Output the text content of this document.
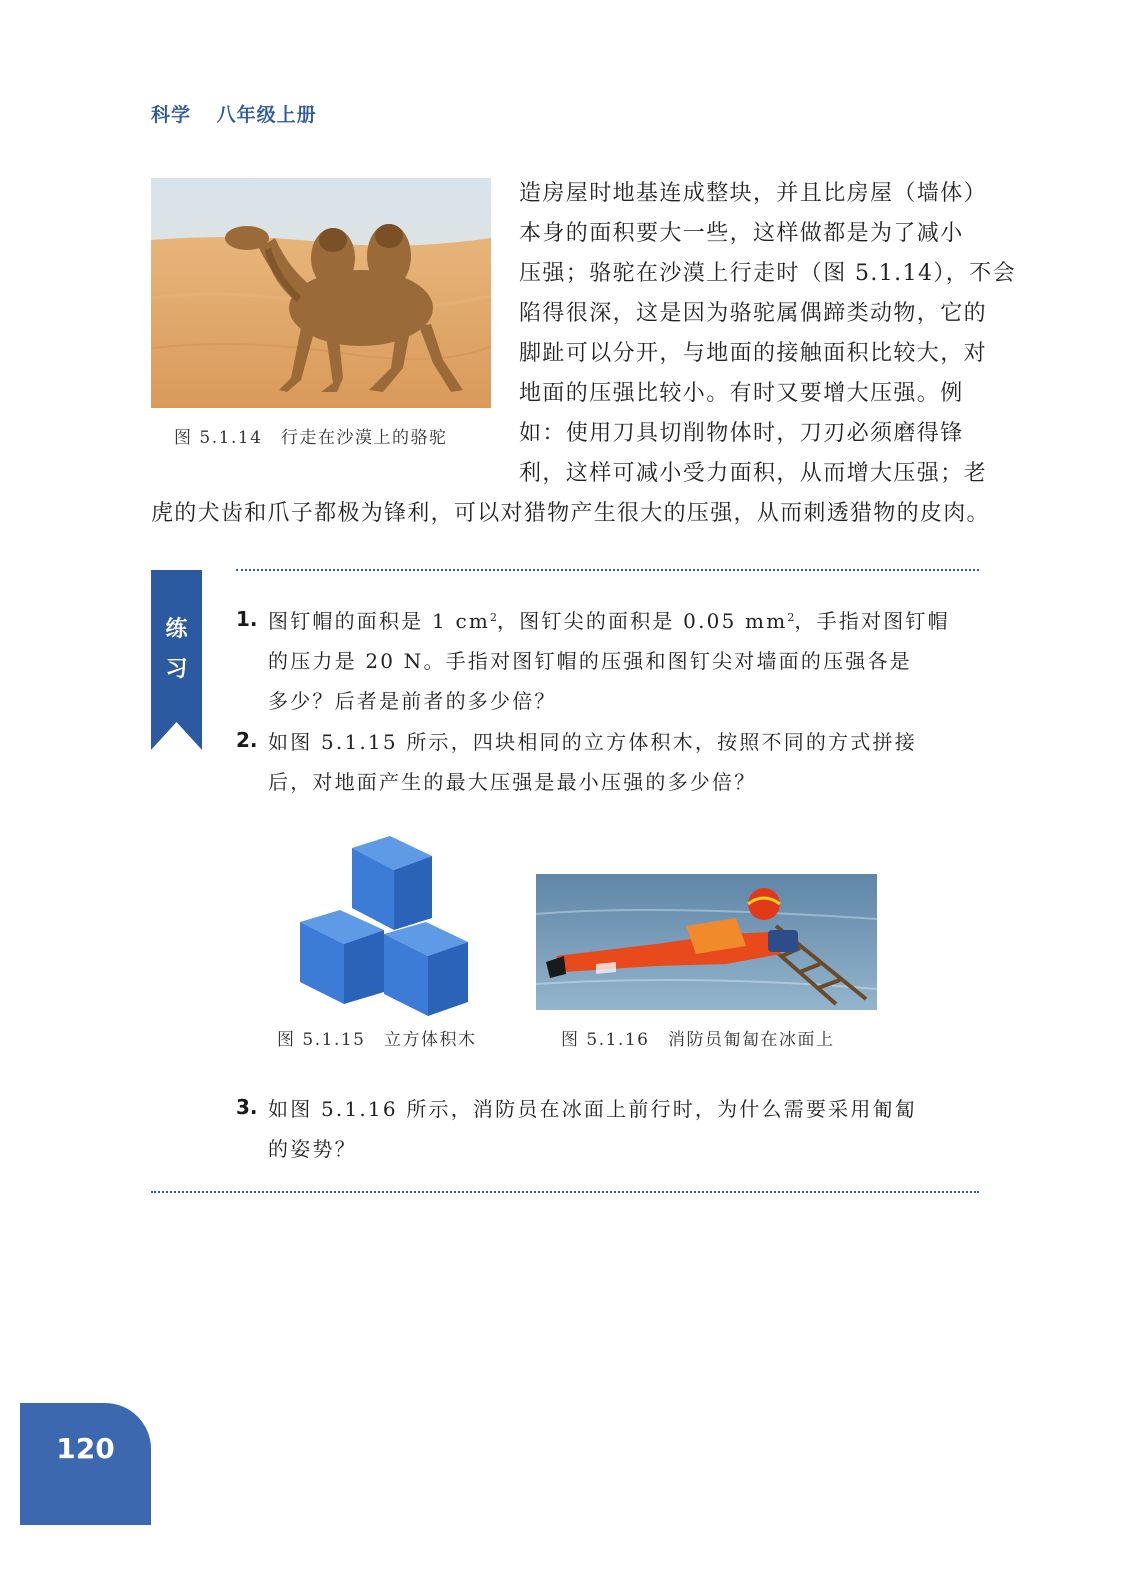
科学 八年级上册
图 5.1.14　行走在沙漠上的骆驼
造房屋时地基连成整块，并且比房屋（墙体）
本身的面积要大一些，这样做都是为了减小
压强；骆驼在沙漠上行走时（图 5.1.14），不会
陷得很深，这是因为骆驼属偶蹄类动物，它的
脚趾可以分开，与地面的接触面积比较大，对
地面的压强比较小。有时又要增大压强。例
如：使用刀具切削物体时，刀刃必须磨得锋
利，这样可减小受力面积，从而增大压强；老
虎的犬齿和爪子都极为锋利，可以对猎物产生很大的压强，从而刺透猎物的皮肉。
练
习
1. 图钉帽的面积是 1 $cm^2$，图钉尖的面积是 0.05 $mm^2$，手指对图钉帽
的压力是 20 N。手指对图钉帽的压强和图钉尖对墙面的压强各是
多少？后者是前者的多少倍？
2. 如图 5.1.15 所示，四块相同的立方体积木，按照不同的方式拼接
后，对地面产生的最大压强是最小压强的多少倍？
图 5.1.15　立方体积木	图 5.1.16　消防员匍匐在冰面上
3. 如图 5.1.16 所示，消防员在冰面上前行时，为什么需要采用匍匐
的姿势？
120
